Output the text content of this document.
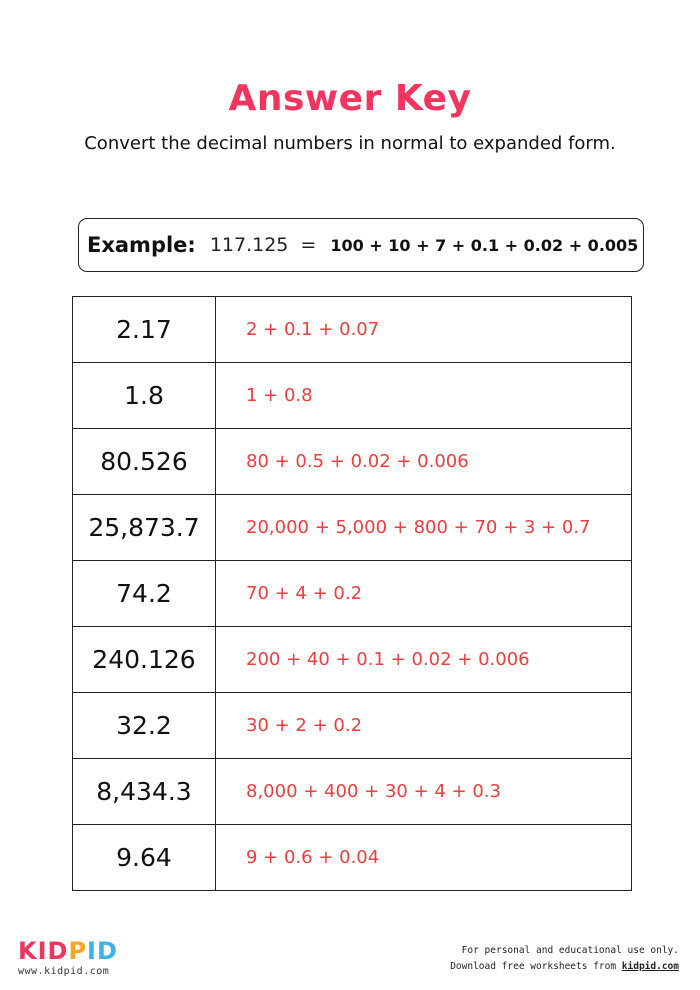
Answer Key

Convert the decimal numbers in normal to expanded form.

Example: 117.125 = 100 + 10 + 7 + 0.1 + 0.02 + 0.005
2.17	2 + 0.1 + 0.07
1.8	1 + 0.8
80.526	80 + 0.5 + 0.02 + 0.006
25,873.7	20,000 + 5,000 + 800 + 70 + 3 + 0.7
74.2	70 + 4 + 0.2
240.126	200 + 40 + 0.1 + 0.02 + 0.006
32.2	30 + 2 + 0.2
8,434.3	8,000 + 400 + 30 + 4 + 0.3
9.64	9 + 0.6 + 0.04
KIDPID
www.kidpid.com
For personal and educational use only.
Download free worksheets from kidpid.com
